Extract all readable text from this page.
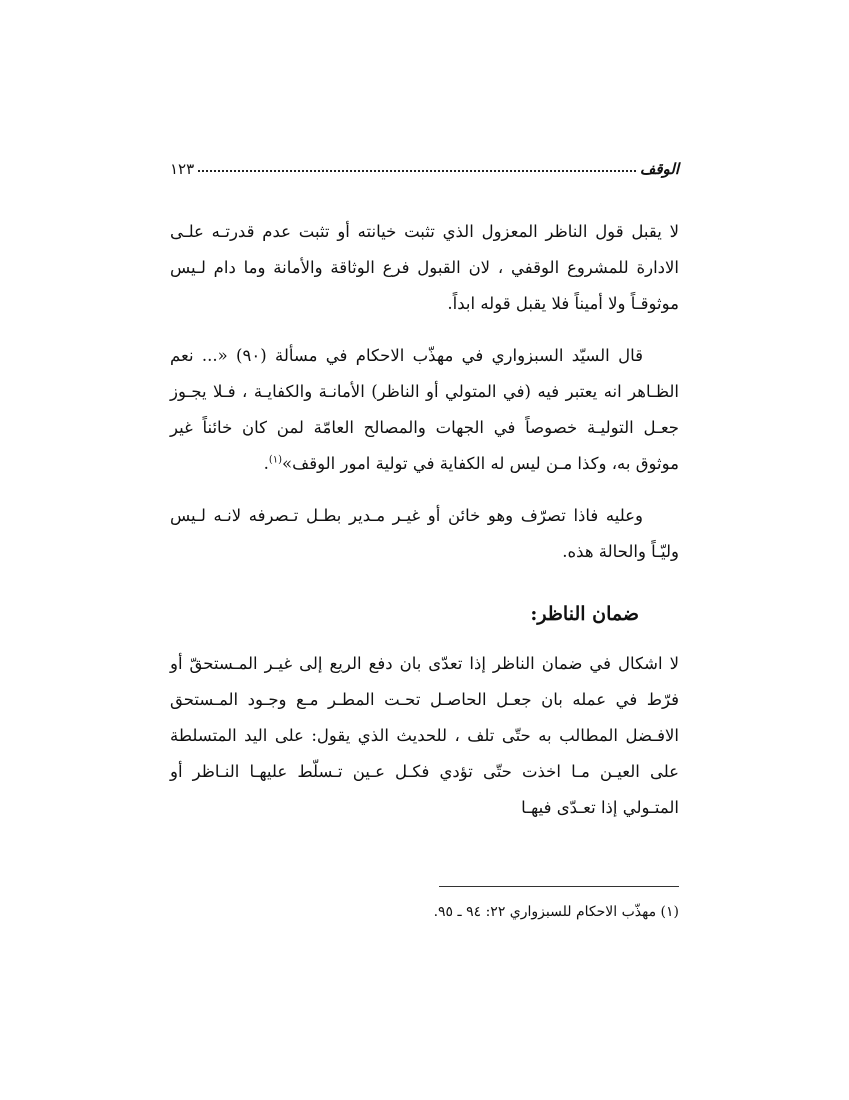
الوقف
١٢٣

لا يقبل قول الناظر المعزول الذي تثبت خيانته أو تثبت عدم قدرتـه علـى الادارة للمشروع الوقفي ، لان القبول فرع الوثاقة والأمانة وما دام لـيس موثوقـاً ولا أميناً فلا يقبل قوله ابداً.

قال السيّد السبزواري في مهذّب الاحكام في مسألة (٩٠) «... نعم الظـاهر انه يعتبر فيه (في المتولي أو الناظر) الأمانـة والكفايـة ، فـلا يجـوز جعـل التوليـة خصوصاً في الجهات والمصالح العامّة لمن كان خائناً غير موثوق به، وكذا مـن ليس له الكفاية في تولية امور الوقف»$^{(١)}$.

وعليه فاذا تصرّف وهو خائن أو غيـر مـدير بطـل تـصرفه لانـه لـيس وليّـاً والحالة هذه.

ضمان الناظر:

لا اشكال في ضمان الناظر إذا تعدّى بان دفع الريع إلى غيـر المـستحقّ أو فرّط في عمله بان جعـل الحاصـل تحـت المطـر مـع وجـود المـستحق الافـضل المطالب به حتّى تلف ، للحديث الذي يقول: على اليد المتسلطة على العيـن مـا اخذت حتّى تؤدي فكـل عـين تـسلّط عليهـا النـاظر أو المتـولي إذا تعـدّى فيهـا

(١) مهذّب الاحكام للسبزواري ٢٢: ٩٤ ـ ٩٥.
